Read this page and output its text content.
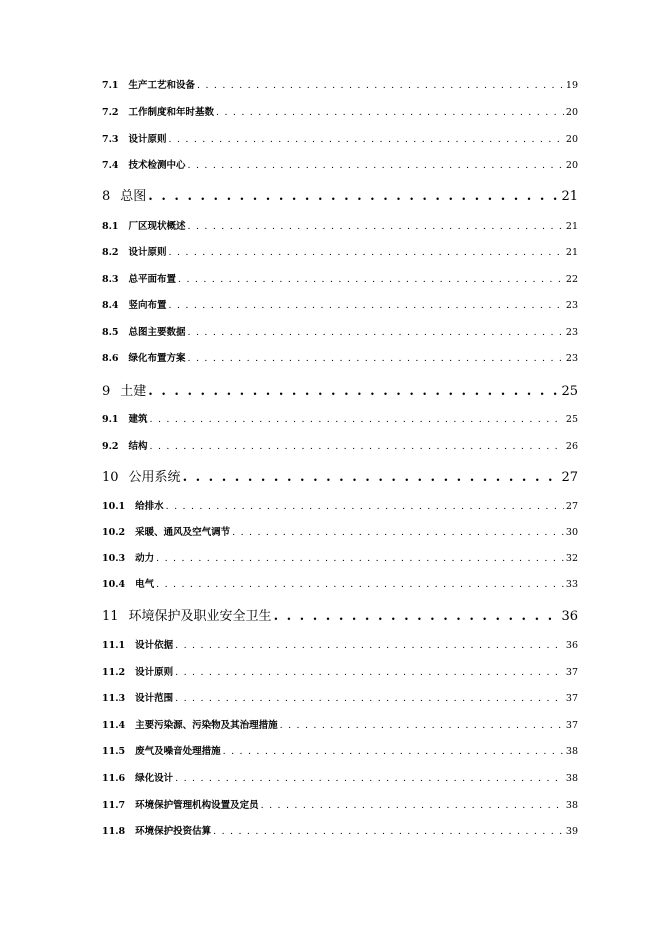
7.1	生产工艺和设备 . . .	19
7.2	工作制度和年时基数 . . .	20
7.3	设计原则 . . .	20
7.4	技术检测中心 . . .	20
8 总图 . . .	21
8.1	厂区现状概述 . . .	21
8.2	设计原则 . . .	21
8.3	总平面布置 . . .	22
8.4	竖向布置 . . .	23
8.5	总图主要数据 . . .	23
8.6	绿化布置方案 . . .	23
9 土建 . . .	25
9.1	建筑 . . .	25
9.2	结构 . . .	26
10 公用系统 . . .	27
10.1	给排水 . . .	27
10.2	采暖、通风及空气调节 . . .	30
10.3	动力 . . .	32
10.4	电气 . . .	33
11 环境保护及职业安全卫生 . . .	36
11.1	设计依据 . . .	36
11.2	设计原则 . . .	37
11.3	设计范围 . . .	37
11.4	主要污染源、污染物及其治理措施 . . .	37
11.5	废气及噪音处理措施 . . .	38
11.6	绿化设计 . . .	38
11.7	环境保护管理机构设置及定员 . . .	38
11.8	环境保护投资估算 . . .	39
